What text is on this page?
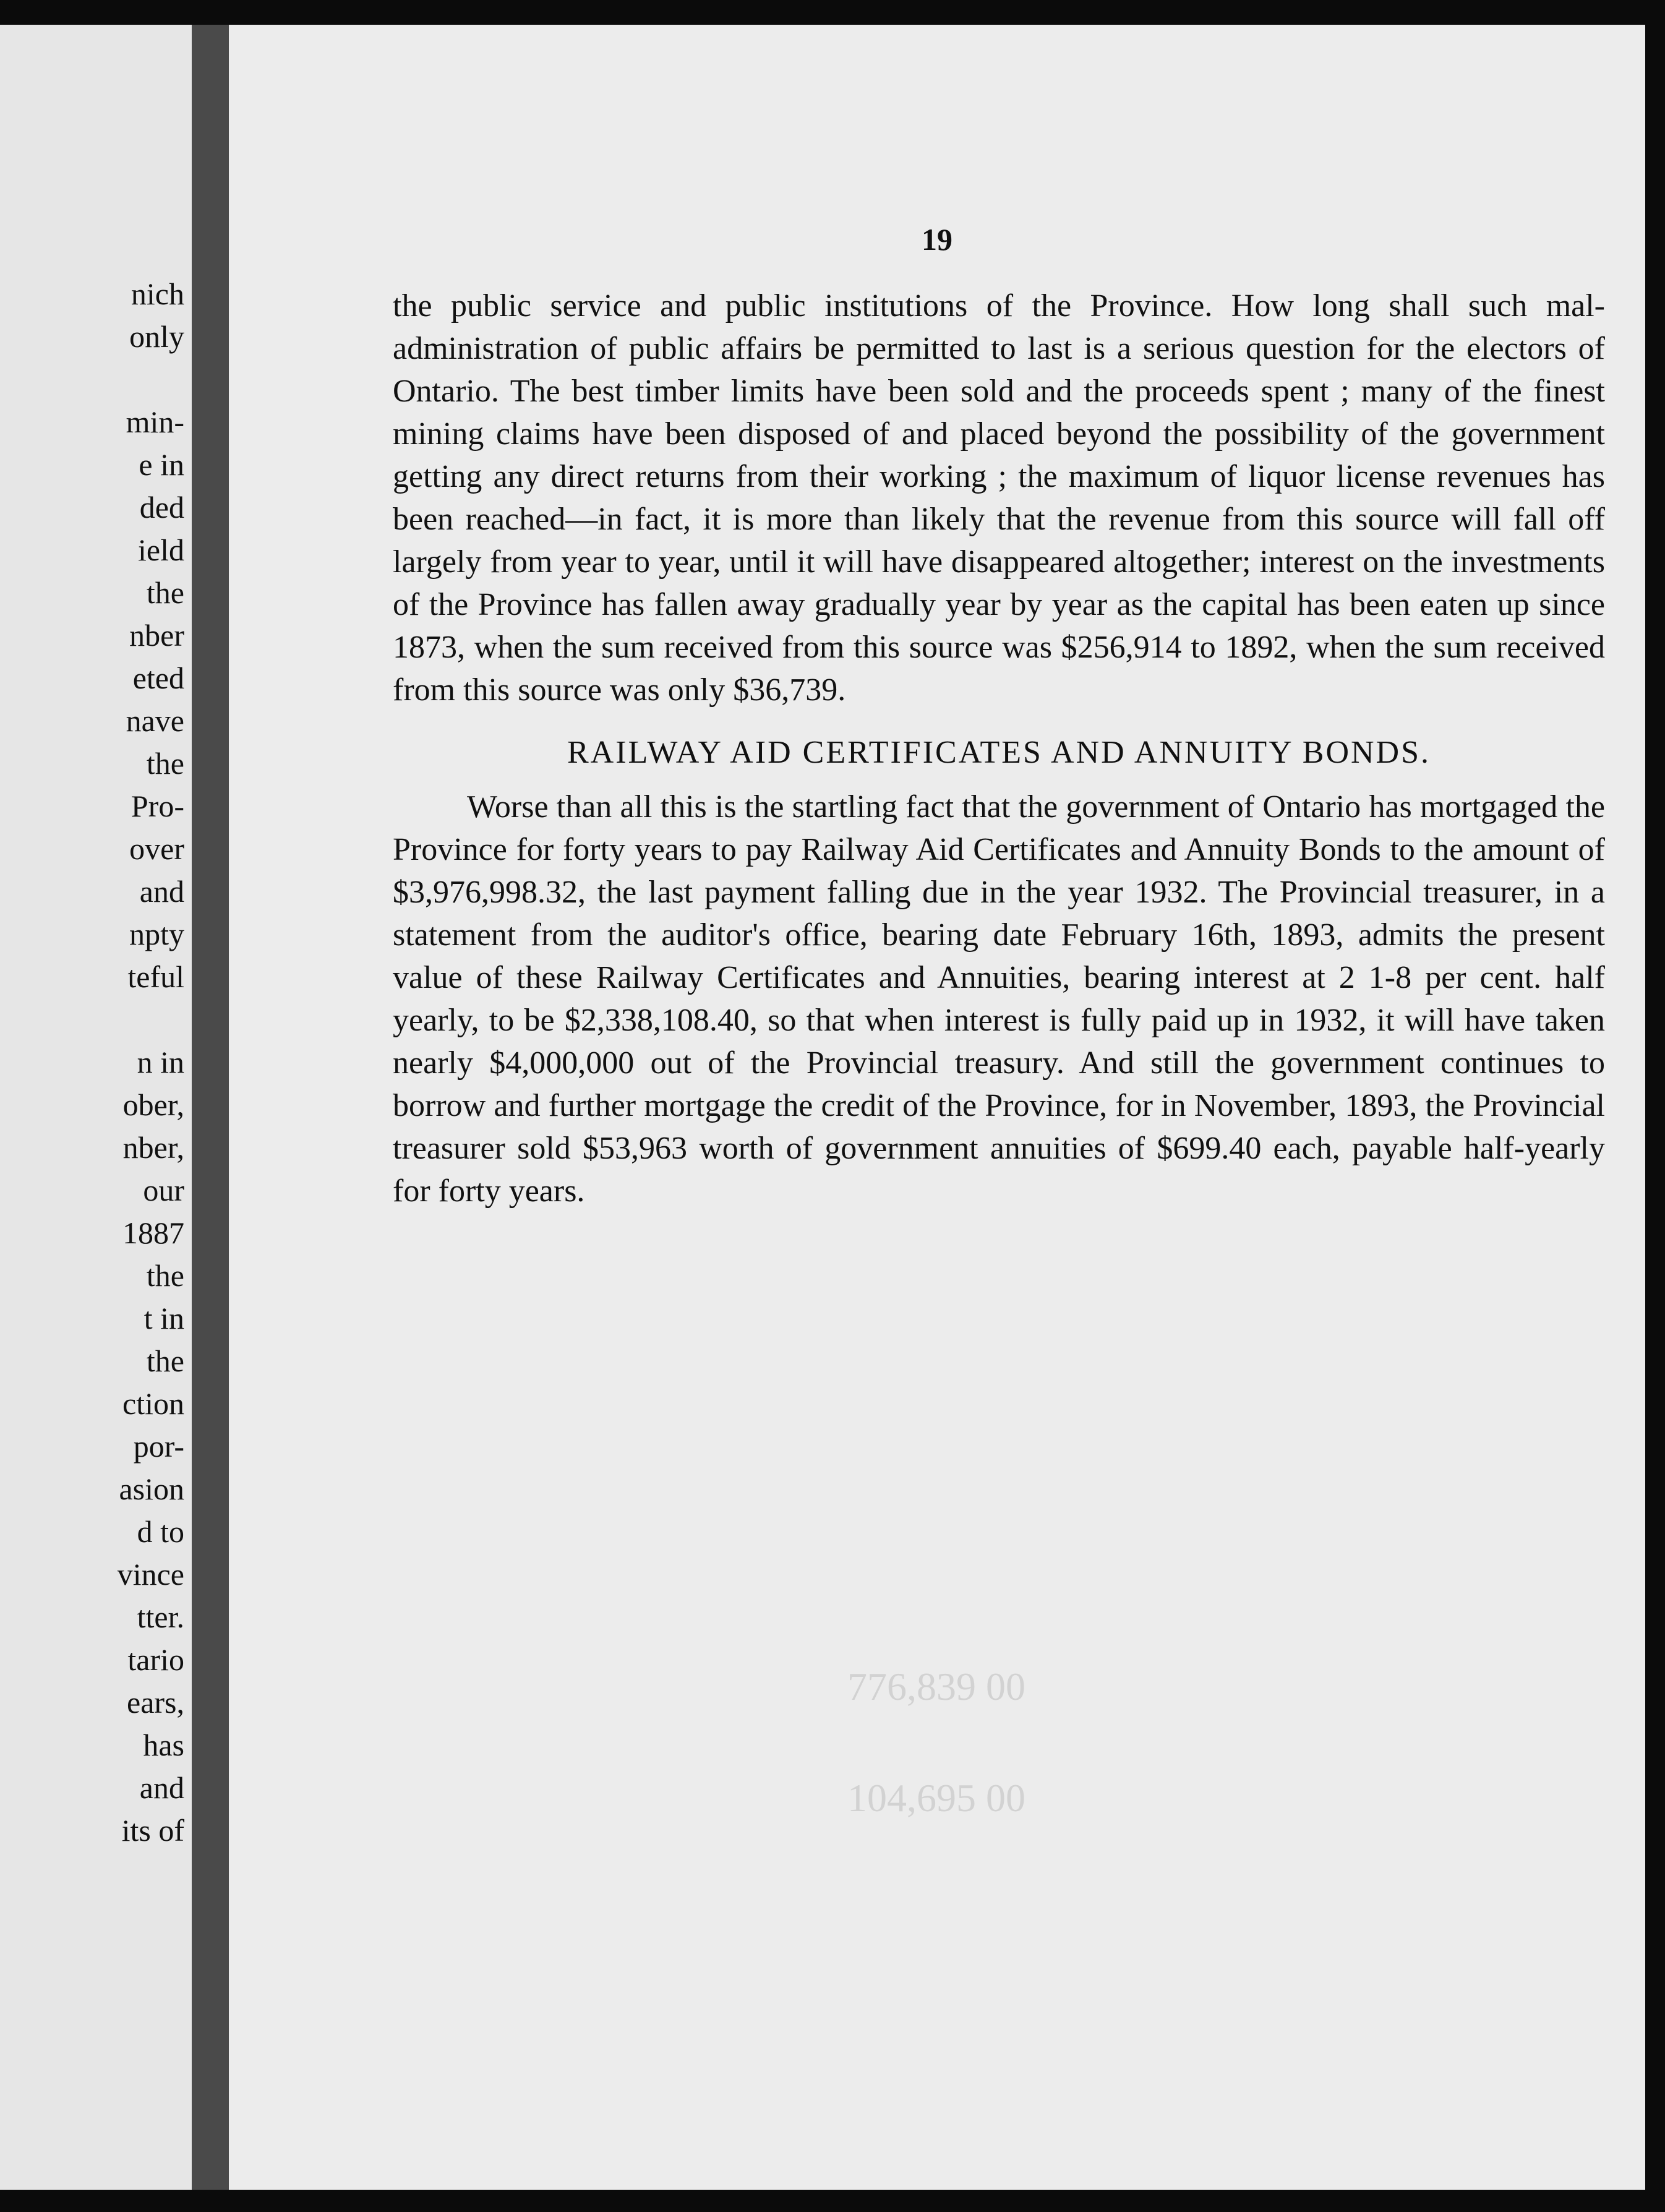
nich
only
min-
e in
ded
ield
the
nber
eted
nave
the
Pro-
over
and
npty
teful
n in
ober,
nber,
our
1887
the
t in
the
ction
por-
asion
d to
vince
tter.
tario
ears,
has
and
its of
776,839 00
104,695 00
19

the public service and public institutions of the Province. How long shall such mal-administration of public affairs be permitted to last is a serious question for the electors of Ontario. The best timber limits have been sold and the proceeds spent ; many of the finest mining claims have been disposed of and placed beyond the possibility of the government getting any direct returns from their working ; the maximum of liquor license revenues has been reached—in fact, it is more than likely that the revenue from this source will fall off largely from year to year, until it will have disappeared altogether; interest on the investments of the Province has fallen away gradually year by year as the capital has been eaten up since 1873, when the sum received from this source was $256,914 to 1892, when the sum received from this source was only $36,739.

RAILWAY AID CERTIFICATES AND ANNUITY BONDS.

Worse than all this is the startling fact that the government of Ontario has mortgaged the Province for forty years to pay Railway Aid Certificates and Annuity Bonds to the amount of $3,976,998.32, the last payment falling due in the year 1932. The Provincial treasurer, in a statement from the auditor's office, bearing date February 16th, 1893, admits the present value of these Railway Certificates and Annuities, bearing interest at 2 1-8 per cent. half yearly, to be $2,338,108.40, so that when interest is fully paid up in 1932, it will have taken nearly $4,000,000 out of the Provincial treasury. And still the government continues to borrow and further mortgage the credit of the Province, for in November, 1893, the Provincial treasurer sold $53,963 worth of government annuities of $699.40 each, payable half-yearly for forty years.
